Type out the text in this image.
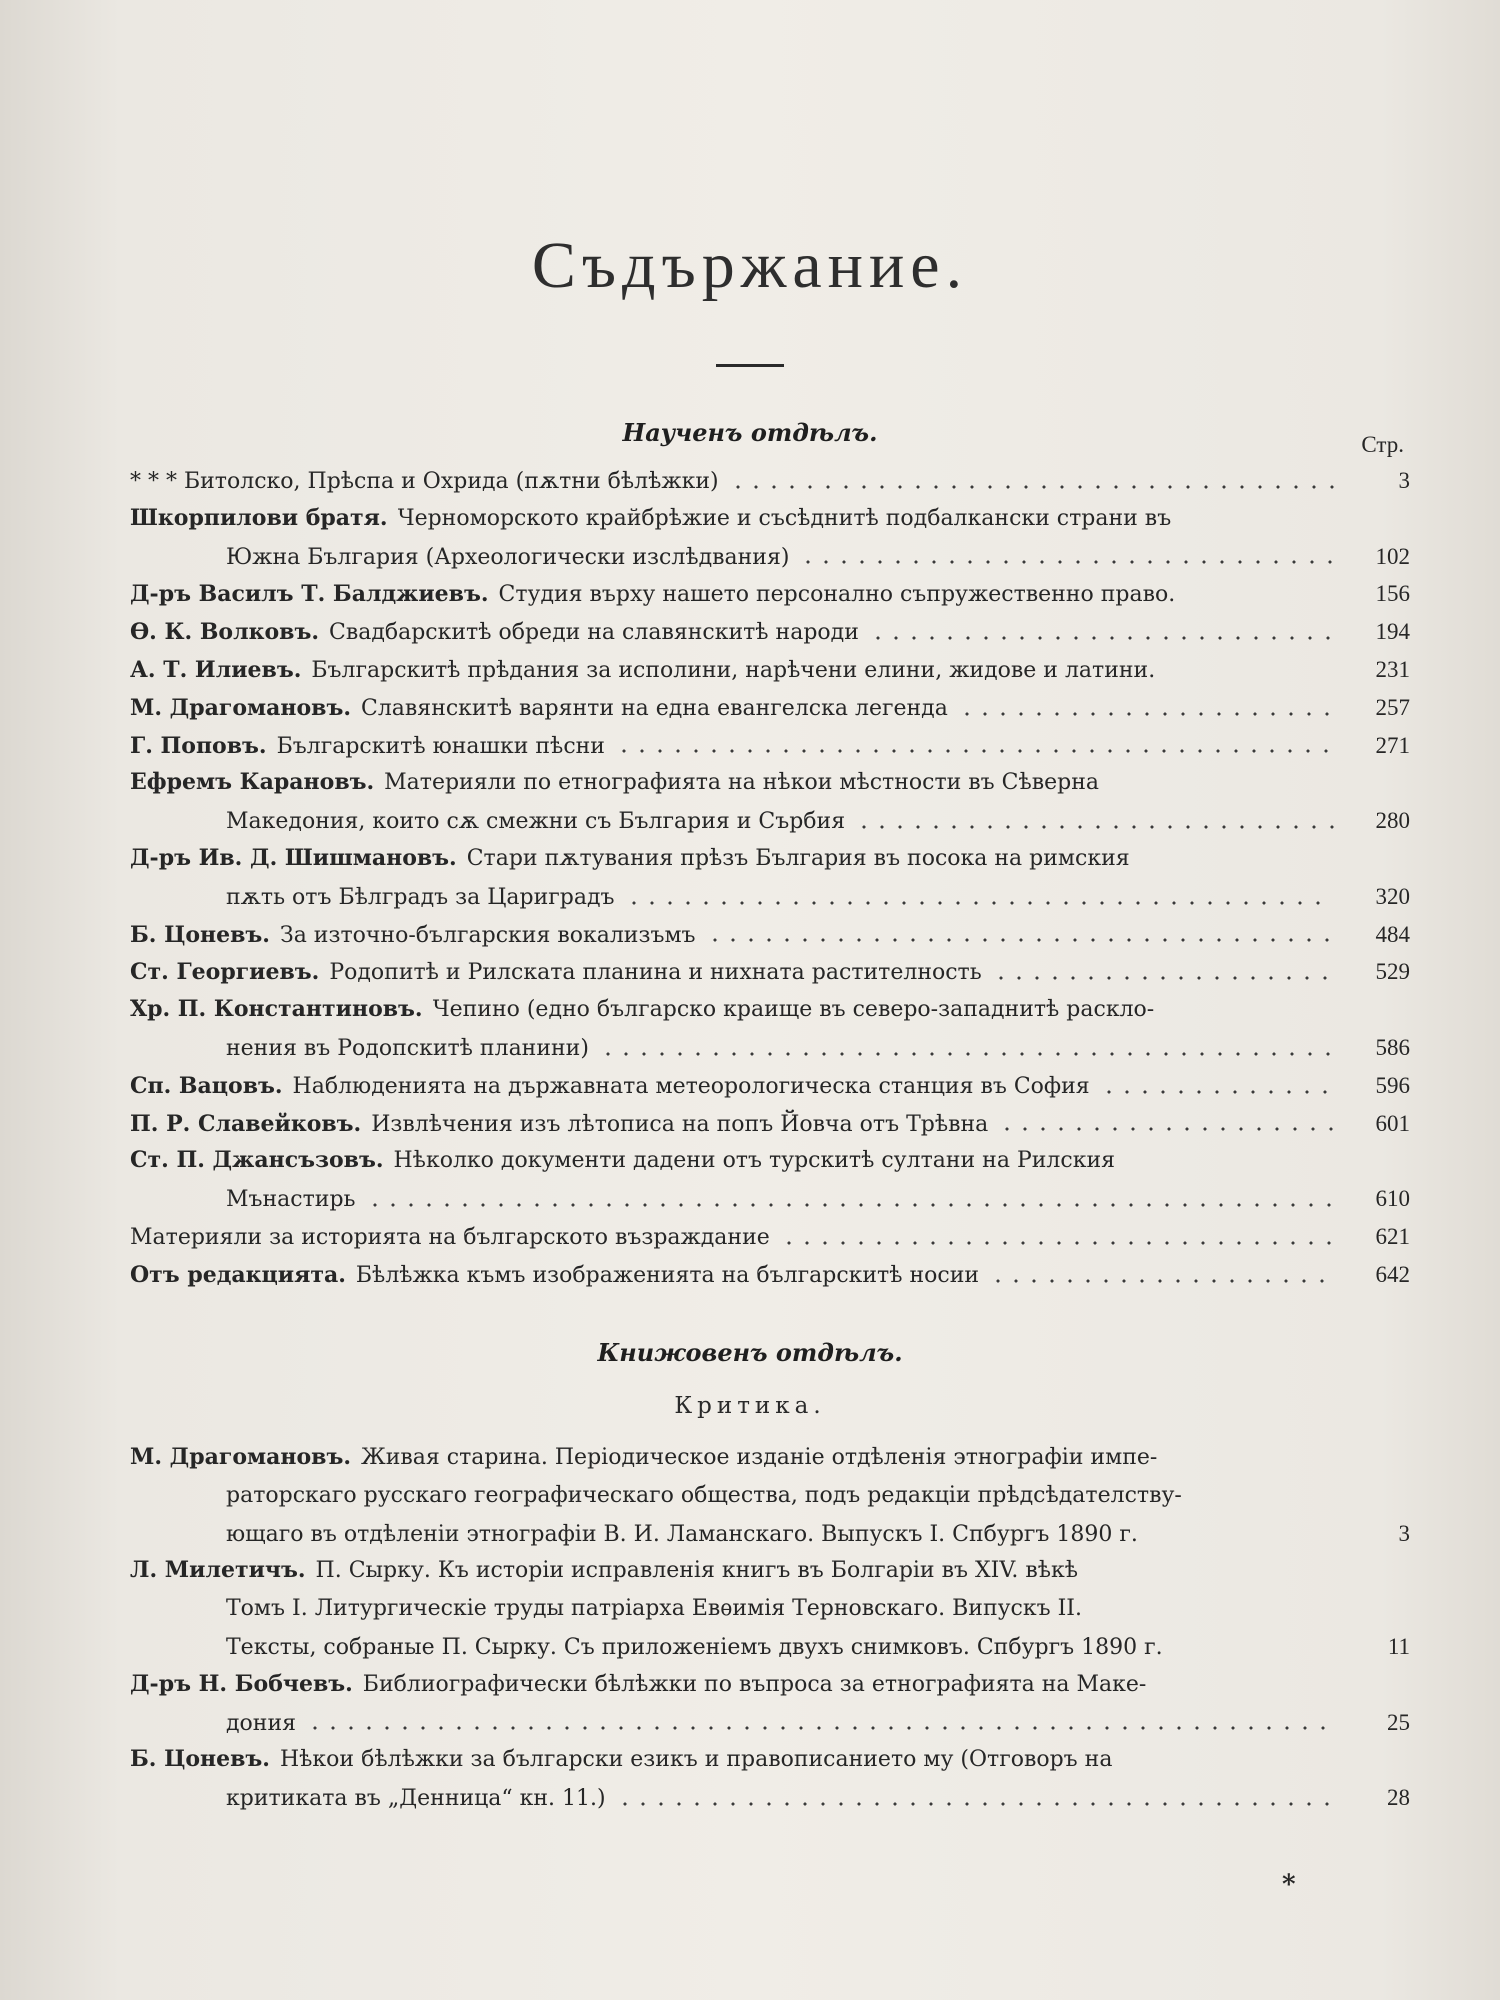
Съдържание.
Наученъ отдѣлъ.	Стр.
* * * Битолско, Прѣспа и Охрида (пѫтни бѣлѣжки)	3
Шкорпилови братя. Черноморското крайбрѣжие и съсѣднитѣ подбалкански страни въ
Южна България (Археологически изслѣдвания)	102
Д-ръ Василъ Т. Балджиевъ. Студия върху нашето персонално съпружественно право.	156
Ѳ. К. Волковъ. Свадбарскитѣ обреди на славянскитѣ народи	194
А. Т. Илиевъ. Българскитѣ прѣдания за исполини, нарѣчени елини, жидове и латини.	231
М. Драгомановъ. Славянскитѣ варянти на една евангелска легенда	257
Г. Поповъ. Българскитѣ юнашки пѣсни	271
Ефремъ Карановъ. Материяли по етнографията на нѣкои мѣстности въ Сѣверна
Македония, които сѫ смежни съ България и Сърбия	280
Д-ръ Ив. Д. Шишмановъ. Стари пѫтувания прѣзъ България въ посока на римския
пѫть отъ Бѣлградъ за Цариградъ	320
Б. Цоневъ. За източно-българския вокализъмъ	484
Ст. Георгиевъ. Родопитѣ и Рилската планина и нихната растителность	529
Хр. П. Константиновъ. Чепино (едно българско краище въ северо-западнитѣ раскло-
нения въ Родопскитѣ планини)	586
Сп. Вацовъ. Наблюденията на държавната метеорологическа станция въ София	596
П. Р. Славейковъ. Извлѣчения изъ лѣтописа на попъ Йовча отъ Трѣвна	601
Ст. П. Джансъзовъ. Нѣколко документи дадени отъ турскитѣ султани на Рилския
Мънастирь	610
Материяли за историята на българското възраждание	621
Отъ редакцията. Бѣлѣжка къмъ изображенията на българскитѣ носии	642
Книжовенъ отдѣлъ.
Критика.
М. Драгомановъ. Живая старина. Періодическое изданіе отдѣленія этнографіи импе-
раторскаго русскаго географическаго общества, подъ редакціи прѣдсѣдателству-
ющаго въ отдѣленіи этнографіи В. И. Ламанскаго. Выпускъ I. Спбургъ 1890 г.	3
Л. Милетичъ. П. Сырку. Къ исторіи исправленія книгъ въ Болгаріи въ XIV. вѣкѣ
Томъ I. Литургическіе труды патріарха Евѳимія Терновскаго. Випускъ II.
Тексты, собраные П. Сырку. Съ приложеніемъ двухъ снимковъ. Спбургъ 1890 г.	11
Д-ръ Н. Бобчевъ. Библиографически бѣлѣжки по въпроса за етнографията на Маке-
дония	25
Б. Цоневъ. Нѣкои бѣлѣжки за български езикъ и правописанието му (Отговоръ на
критиката въ „Денница“ кн. 11.)	28
*
